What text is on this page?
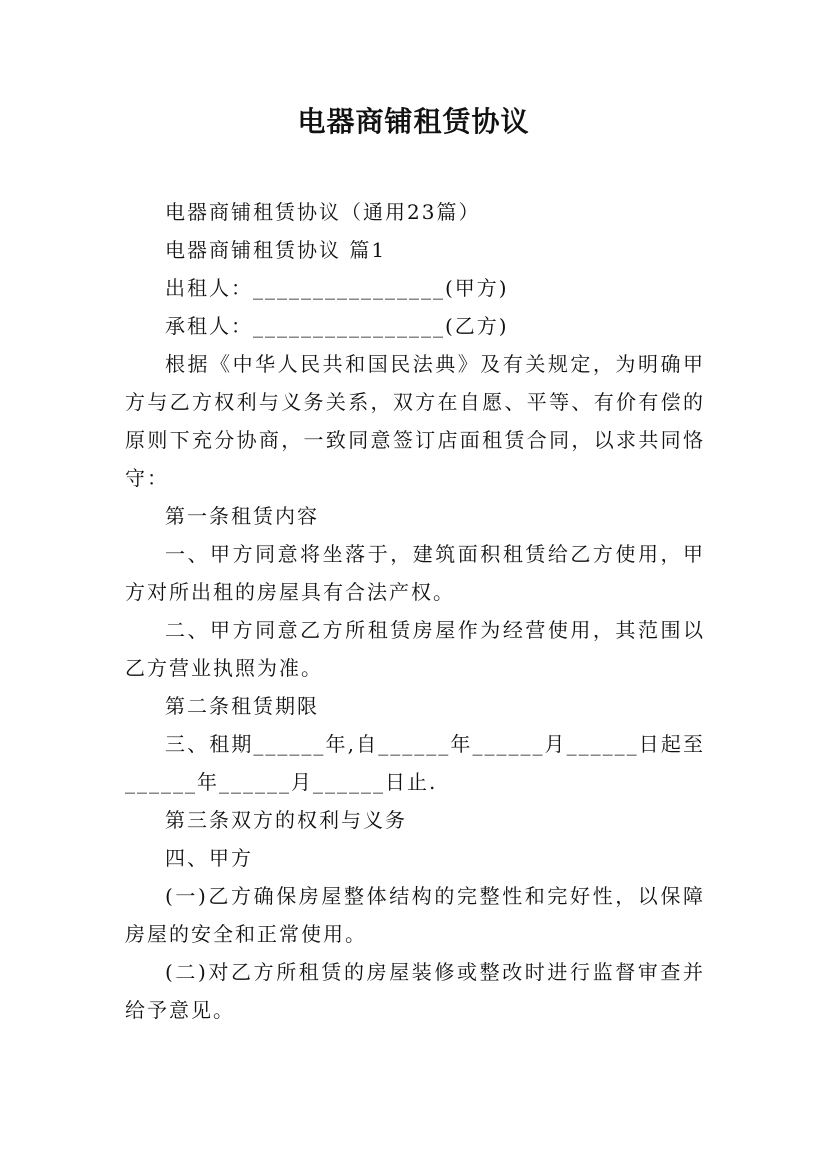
电器商铺租赁协议

电器商铺租赁协议（通用23篇）

电器商铺租赁协议 篇1

出租人：________________(甲方)

承租人：________________(乙方)

根据《中华人民共和国民法典》及有关规定，为明确甲方与乙方权利与义务关系，双方在自愿、平等、有价有偿的原则下充分协商，一致同意签订店面租赁合同，以求共同恪守：

第一条租赁内容

一、甲方同意将坐落于，建筑面积租赁给乙方使用，甲方对所出租的房屋具有合法产权。

二、甲方同意乙方所租赁房屋作为经营使用，其范围以乙方营业执照为准。

第二条租赁期限

三、租期______年,自______年______月______日起至______年______月______日止.

第三条双方的权利与义务

四、甲方

(一)乙方确保房屋整体结构的完整性和完好性，以保障房屋的安全和正常使用。

(二)对乙方所租赁的房屋装修或整改时进行监督审查并给予意见。
